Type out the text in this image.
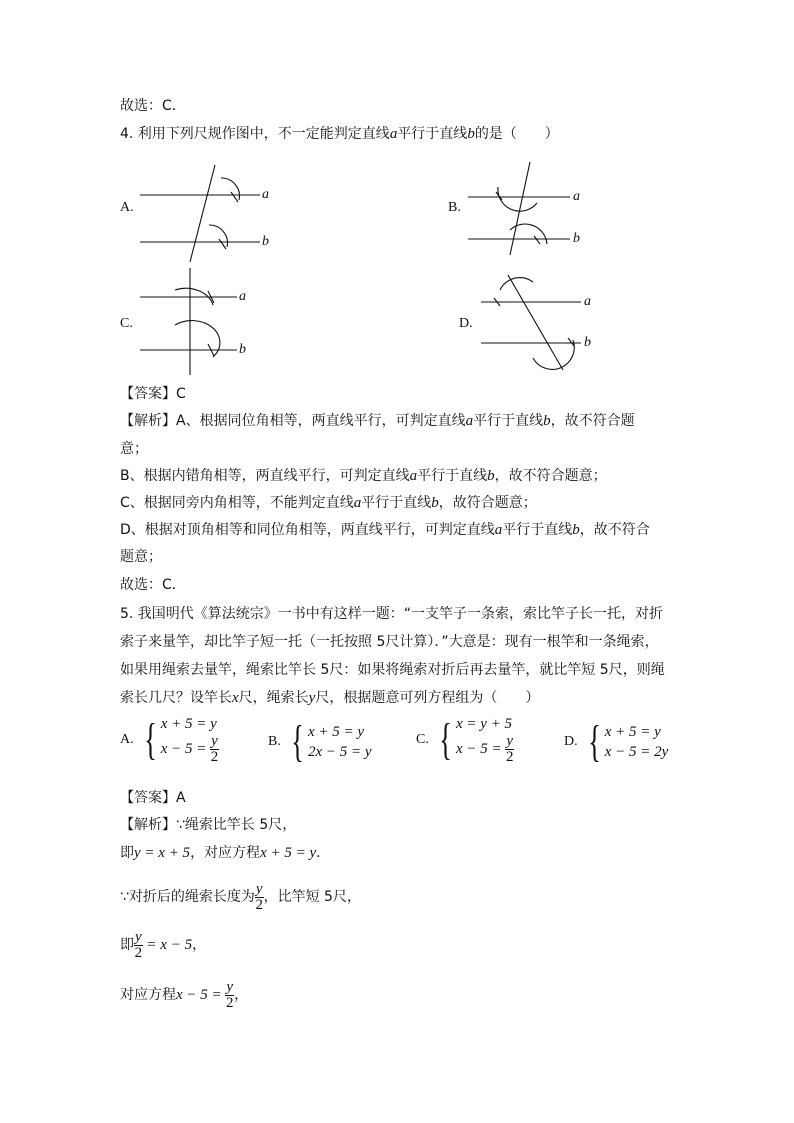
故选：C．
4. 利用下列尺规作图中，不一定能判定直线a平行于直线b的是（　　）
A.
a
b
B.
a
b
C.
a
b
D.
a
b
【答案】C
【解析】A、根据同位角相等，两直线平行，可判定直线a平行于直线b，故不符合题
意；
B、根据内错角相等，两直线平行，可判定直线a平行于直线b，故不符合题意；
C、根据同旁内角相等，不能判定直线a平行于直线b，故符合题意；
D、根据对顶角相等和同位角相等，两直线平行，可判定直线a平行于直线b，故不符合
题意；
故选：C．
5. 我国明代《算法统宗》一书中有这样一题：“一支竿子一条索，索比竿子长一托，对折
索子来量竿，却比竿子短一托（一托按照 5尺计算）．”大意是：现有一根竿和一条绳索，
如果用绳索去量竿，绳索比竿长 5尺：如果将绳索对折后再去量竿，就比竿短 5尺，则绳
索长几尺？设竿长x尺，绳索长y尺，根据题意可列方程组为（　　）
A. { x + 5 = y
$x - 5 = \frac{y}{2}$	B. { x + 5 = y
2x − 5 = y
C. { x = y + 5
$x - 5 = \frac{y}{2}$	D. { x + 5 = y
x − 5 = 2y
【答案】A
【解析】∵绳索比竿长 5尺，
即y = x + 5，对应方程x + 5 = y．
∵对折后的绳索长度为 $\frac{y}{2}$ ，比竿短 5尺，
即 $\frac{y}{2} = x - 5$，
对应方程$x - 5 = \frac{y}{2}$ ，
